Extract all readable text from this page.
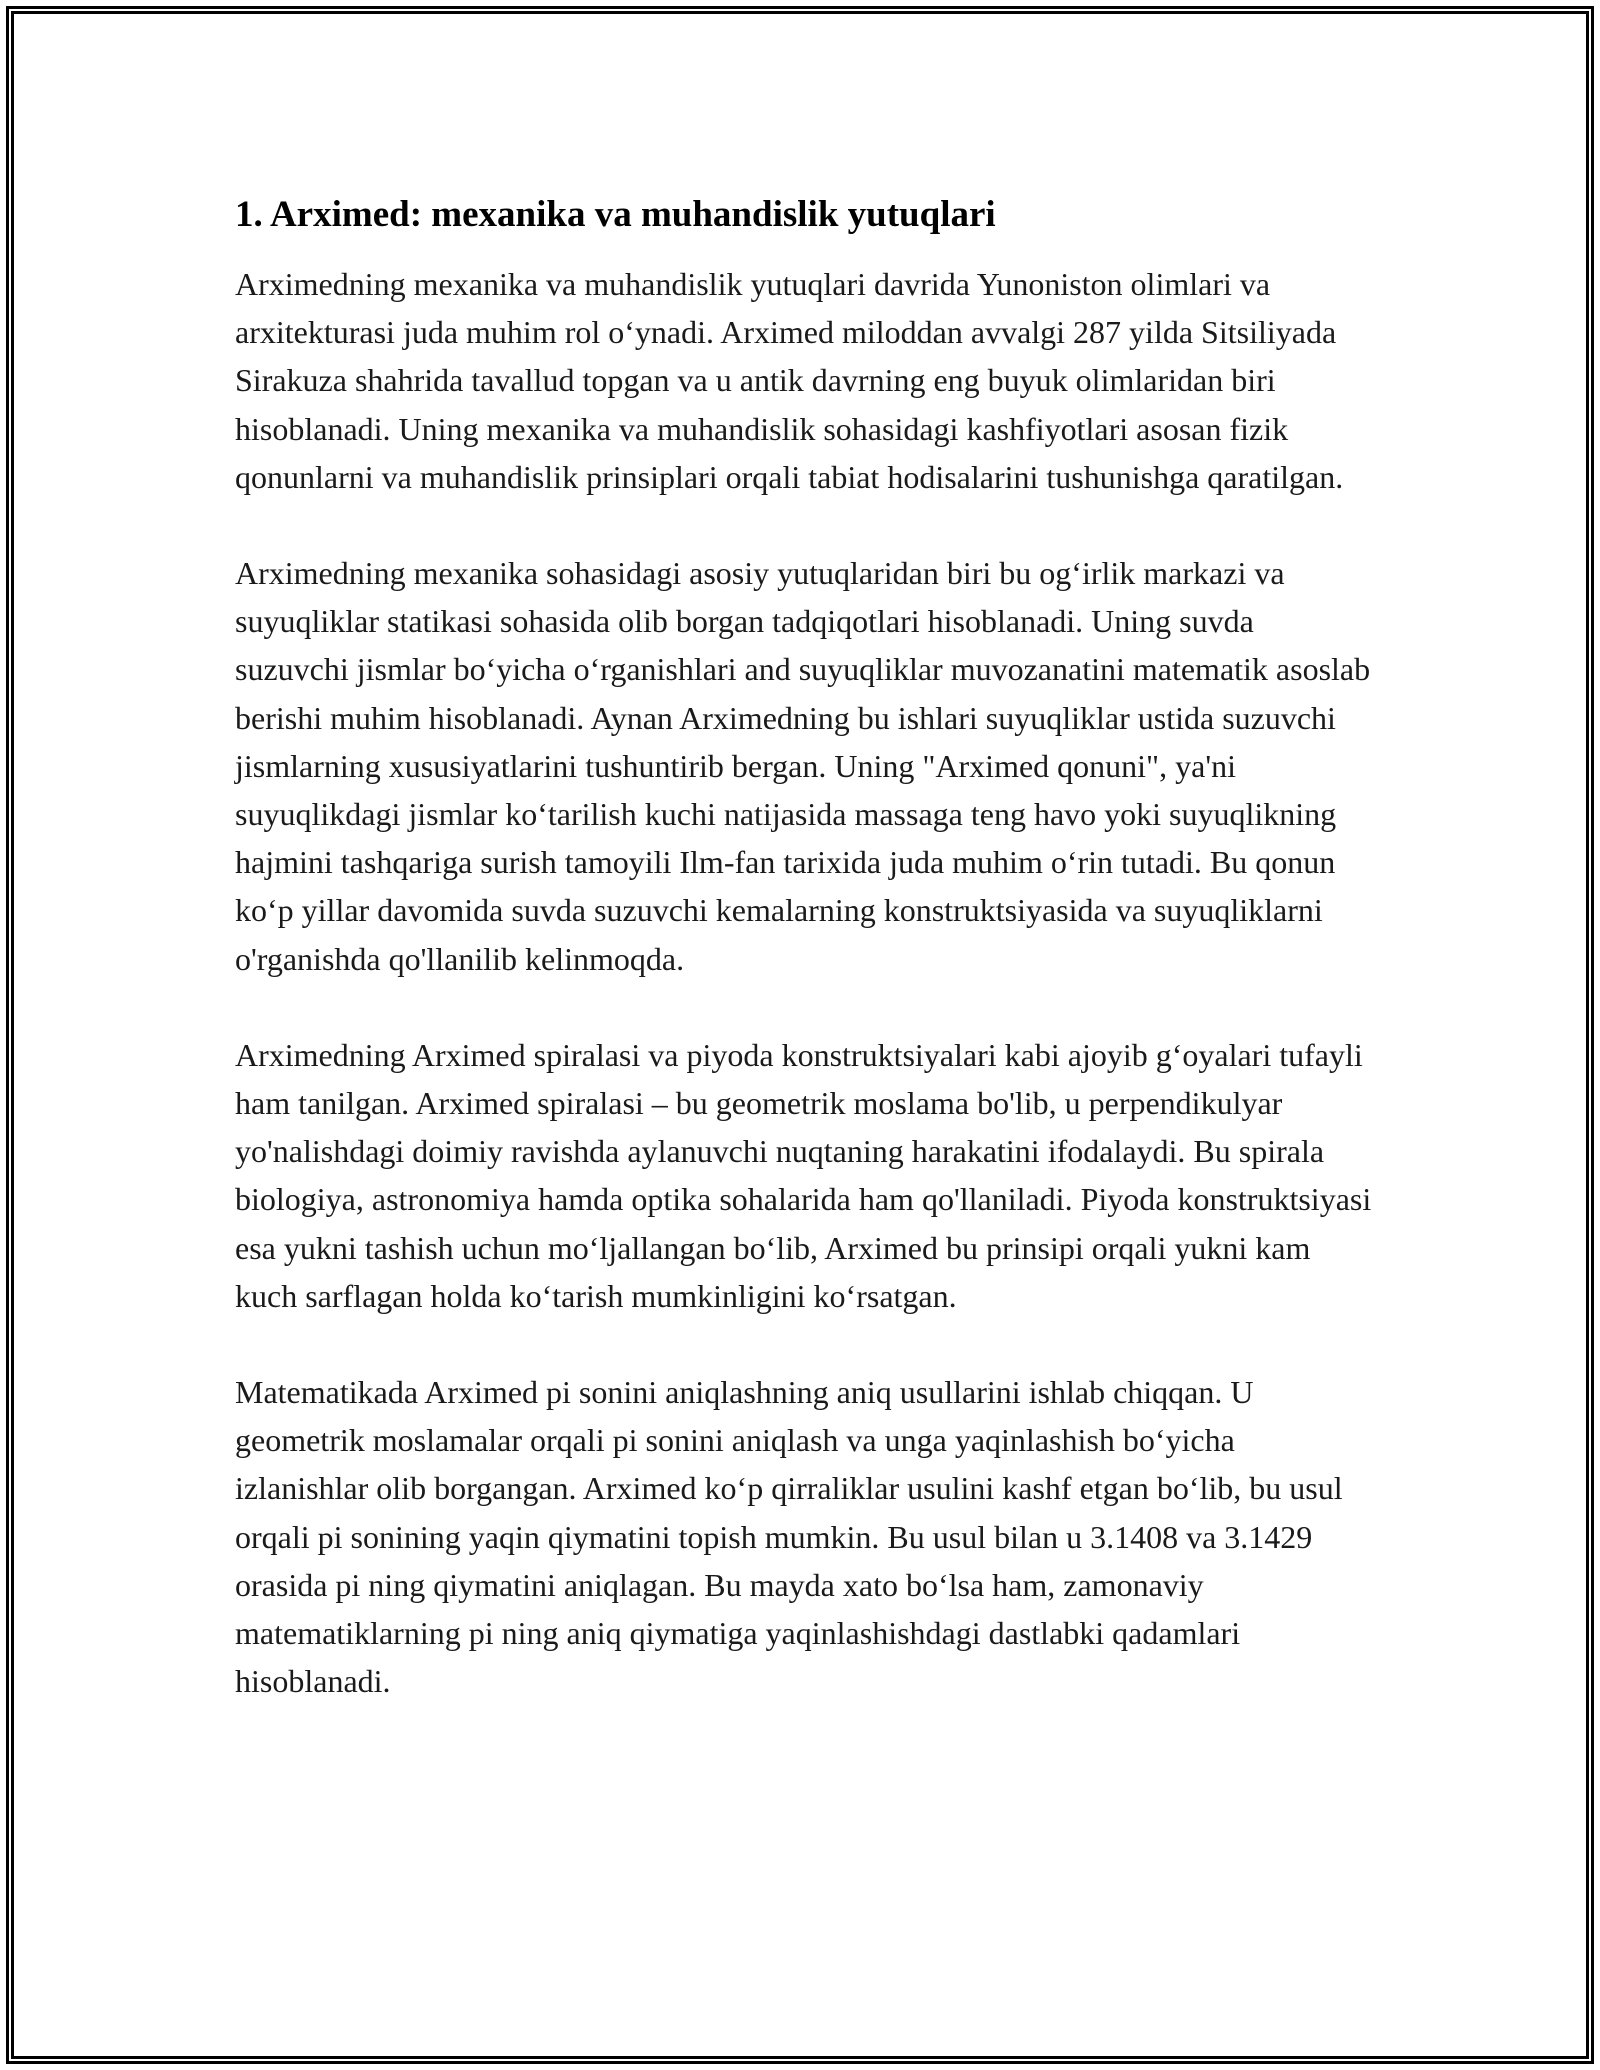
1. Arximed: mexanika va muhandislik yutuqlari

Arximedning mexanika va muhandislik yutuqlari davrida Yunoniston olimlari va arxitekturasi juda muhim rol o‘ynadi. Arximed miloddan avvalgi 287 yilda Sitsiliyada Sirakuza shahrida tavallud topgan va u antik davrning eng buyuk olimlaridan biri hisoblanadi. Uning mexanika va muhandislik sohasidagi kashfiyotlari asosan fizik qonunlarni va muhandislik prinsiplari orqali tabiat hodisalarini tushunishga qaratilgan.

Arximedning mexanika sohasidagi asosiy yutuqlaridan biri bu og‘irlik markazi va suyuqliklar statikasi sohasida olib borgan tadqiqotlari hisoblanadi. Uning suvda suzuvchi jismlar bo‘yicha o‘rganishlari and suyuqliklar muvozanatini matematik asoslab berishi muhim hisoblanadi. Aynan Arximedning bu ishlari suyuqliklar ustida suzuvchi jismlarning xususiyatlarini tushuntirib bergan. Uning "Arximed qonuni", ya'ni suyuqlikdagi jismlar ko‘tarilish kuchi natijasida massaga teng havo yoki suyuqlikning hajmini tashqariga surish tamoyili Ilm-fan tarixida juda muhim o‘rin tutadi. Bu qonun ko‘p yillar davomida suvda suzuvchi kemalarning konstruktsiyasida va suyuqliklarni o'rganishda qo'llanilib kelinmoqda.

Arximedning Arximed spiralasi va piyoda konstruktsiyalari kabi ajoyib g‘oyalari tufayli ham tanilgan. Arximed spiralasi – bu geometrik moslama bo'lib, u perpendikulyar yo'nalishdagi doimiy ravishda aylanuvchi nuqtaning harakatini ifodalaydi. Bu spirala biologiya, astronomiya hamda optika sohalarida ham qo'llaniladi. Piyoda konstruktsiyasi esa yukni tashish uchun mo‘ljallangan bo‘lib, Arximed bu prinsipi orqali yukni kam kuch sarflagan holda ko‘tarish mumkinligini ko‘rsatgan.

Matematikada Arximed pi sonini aniqlashning aniq usullarini ishlab chiqqan. U geometrik moslamalar orqali pi sonini aniqlash va unga yaqinlashish bo‘yicha izlanishlar olib borgangan. Arximed ko‘p qirraliklar usulini kashf etgan bo‘lib, bu usul orqali pi sonining yaqin qiymatini topish mumkin. Bu usul bilan u 3.1408 va 3.1429 orasida pi ning qiymatini aniqlagan. Bu mayda xato bo‘lsa ham, zamonaviy matematiklarning pi ning aniq qiymatiga yaqinlashishdagi dastlabki qadamlari hisoblanadi.
